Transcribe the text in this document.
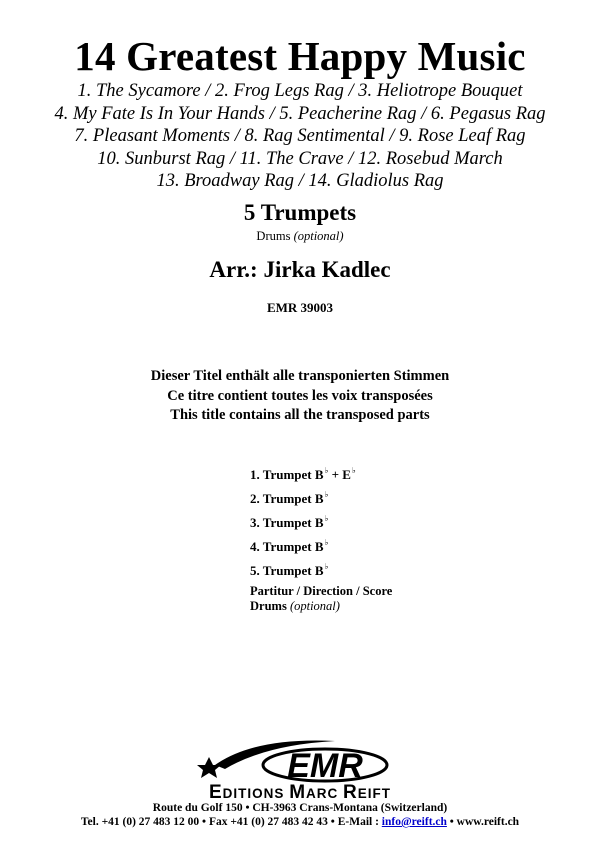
14 Greatest Happy Music
1. The Sycamore / 2. Frog Legs Rag / 3. Heliotrope Bouquet
4. My Fate Is In Your Hands / 5. Peacherine Rag / 6. Pegasus Rag
7. Pleasant Moments / 8. Rag Sentimental / 9. Rose Leaf Rag
10. Sunburst Rag / 11. The Crave / 12. Rosebud March
13. Broadway Rag / 14. Gladiolus Rag
5 Trumpets
Drums (optional)
Arr.: Jirka Kadlec
EMR 39003
Dieser Titel enthält alle transponierten Stimmen
Ce titre contient toutes les voix transposées
This title contains all the transposed parts
1. Trumpet B♭ + E♭
2. Trumpet B♭
3. Trumpet B♭
4. Trumpet B♭
5. Trumpet B♭
Partitur / Direction / Score
Drums (optional)
EMR
EDITIONS MARC REIFT
Route du Golf 150 • CH-3963 Crans-Montana (Switzerland)
Tel. +41 (0) 27 483 12 00 • Fax +41 (0) 27 483 42 43 • E-Mail : info@reift.ch • www.reift.ch
